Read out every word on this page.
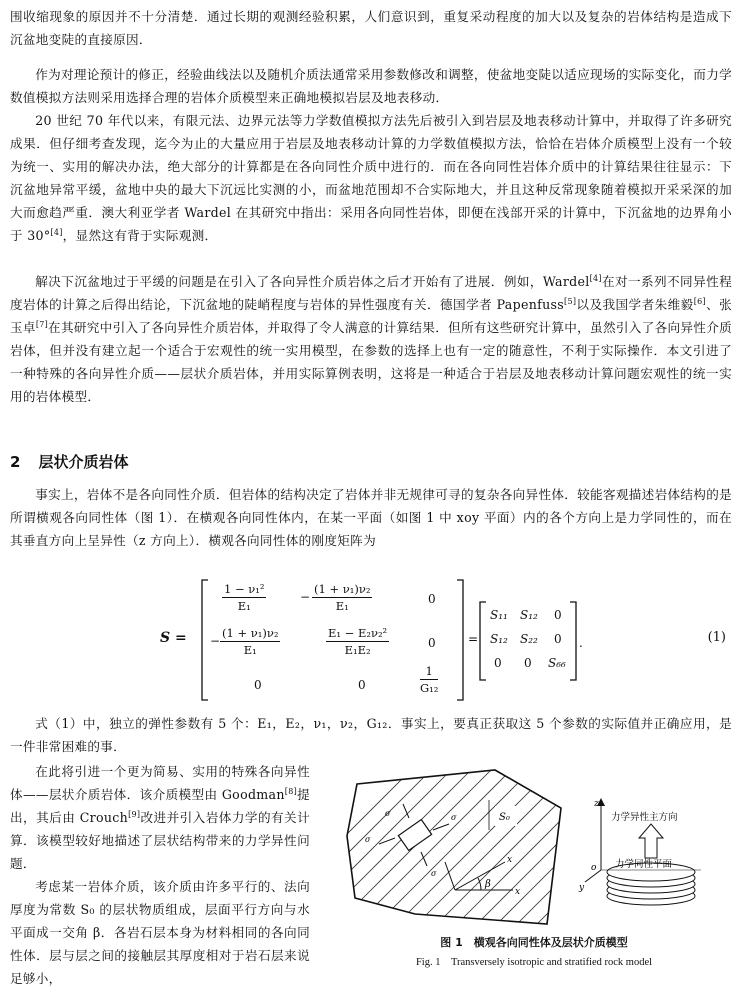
围收缩现象的原因并不十分清楚．通过长期的观测经验积累，人们意识到，重复采动程度的加大以及复杂的岩体结构是造成下沉盆地变陡的直接原因．

作为对理论预计的修正，经验曲线法以及随机介质法通常采用参数修改和调整，使盆地变陡以适应现场的实际变化，而力学数值模拟方法则采用选择合理的岩体介质模型来正确地模拟岩层及地表移动．

20 世纪 70 年代以来，有限元法、边界元法等力学数值模拟方法先后被引入到岩层及地表移动计算中，并取得了许多研究成果．但仔细考查发现，迄今为止的大量应用于岩层及地表移动计算的力学数值模拟方法，恰恰在岩体介质模型上没有一个较为统一、实用的解决办法，绝大部分的计算都是在各向同性介质中进行的．而在各向同性岩体介质中的计算结果往往显示：下沉盆地异常平缓，盆地中央的最大下沉远比实测的小，而盆地范围却不合实际地大，并且这种反常现象随着模拟开采采深的加大而愈趋严重．澳大利亚学者 Wardel 在其研究中指出：采用各向同性岩体，即便在浅部开采的计算中，下沉盆地的边界角小于 30°[4]，显然这有背于实际观测．

解决下沉盆地过于平缓的问题是在引入了各向异性介质岩体之后才开始有了进展．例如，Wardel[4]在对一系列不同异性程度岩体的计算之后得出结论，下沉盆地的陡峭程度与岩体的异性强度有关．德国学者 Papenfuss[5]以及我国学者朱维毅[6]、张玉卓[7]在其研究中引入了各向异性介质岩体，并取得了令人满意的计算结果．但所有这些研究计算中，虽然引入了各向异性介质岩体，但并没有建立起一个适合于宏观性的统一实用模型，在参数的选择上也有一定的随意性，不利于实际操作．本文引进了一种特殊的各向异性介质——层状介质岩体，并用实际算例表明，这将是一种适合于岩层及地表移动计算问题宏观性的统一实用的岩体模型．

2 层状介质岩体

事实上，岩体不是各向同性介质．但岩体的结构决定了岩体并非无规律可寻的复杂各向异性体．较能客观描述岩体结构的是所谓横观各向同性体（图 1）．在横观各向同性体内，在某一平面（如图 1 中 xoy 平面）内的各个方向上是力学同性的，而在其垂直方向上呈异性（z 方向上）．横观各向同性体的刚度矩阵为

S =
$\frac{\text{1 − ν₁²}}{\text{E₁}}$	− $\frac{\text{(1 + ν₁)ν₂}}{\text{E₁}}$	0
− $\frac{\text{(1 + ν₁)ν₂}}{\text{E₁}}$	$\frac{\text{E₁ − E₂ν₂²}}{\text{E₁E₂}}$	0
0	0	$\frac{1}{\text{G₁₂}}$
=
S₁₁ S₁₂ 0
S₁₂ S₂₂ 0
0 0 S₆₆
.	(1)

式（1）中，独立的弹性参数有 5 个：E₁，E₂，ν₁，ν₂，G₁₂．事实上，要真正获取这 5 个参数的实际值并正确应用，是一件非常困难的事．

在此将引进一个更为简易、实用的特殊各向异性体——层状介质岩体．该介质模型由 Goodman[8]提出，其后由 Crouch[9]改进并引入岩体力学的有关计算．该模型较好地描述了层状结构带来的力学异性问题．

考虑某一岩体介质，该介质由许多平行的、法向厚度为常数 S₀ 的层状物质组成，层面平行方向与水平面成一交角 β．各岩石层本身为材料相同的各向同性体．层与层之间的接触层其厚度相对于岩石层来说足够小，

σ
σ	σ
σ
S₀
β
x
x
z
y
o
力学异性主方向
力学同性平面
图 1　横观各向同性体及层状介质模型
Fig. 1　Transversely isotropic and stratified rock model
